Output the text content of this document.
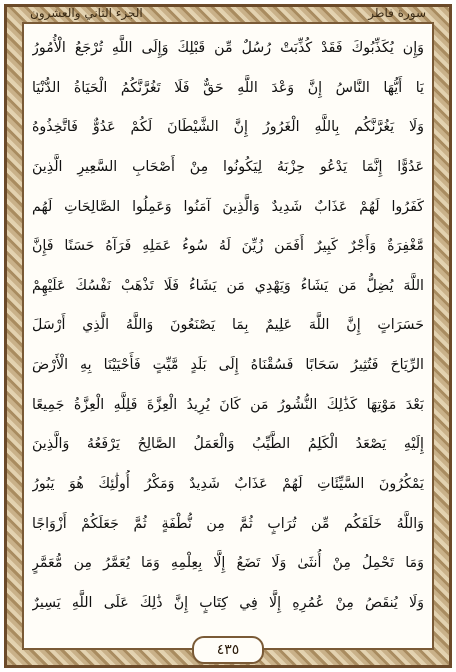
الجزء الثاني والعشرون	سورة فاطر
وَإِن يُكَذِّبُوكَ فَقَدْ كُذِّبَتْ رُسُلٌ مِّن قَبْلِكَ وَإِلَى اللَّهِ تُرْجَعُ الْأُمُورُ
يَا أَيُّهَا النَّاسُ إِنَّ وَعْدَ اللَّهِ حَقٌّ فَلَا تَغُرَّنَّكُمُ الْحَيَاةُ الدُّنْيَا
وَلَا يَغُرَّنَّكُم بِاللَّهِ الْغَرُورُ إِنَّ الشَّيْطَانَ لَكُمْ عَدُوٌّ فَاتَّخِذُوهُ
عَدُوًّا إِنَّمَا يَدْعُو حِزْبَهُ لِيَكُونُوا مِنْ أَصْحَابِ السَّعِيرِ الَّذِينَ
كَفَرُوا لَهُمْ عَذَابٌ شَدِيدٌ وَالَّذِينَ آمَنُوا وَعَمِلُوا الصَّالِحَاتِ لَهُم
مَّغْفِرَةٌ وَأَجْرٌ كَبِيرٌ أَفَمَن زُيِّنَ لَهُ سُوءُ عَمَلِهِ فَرَآهُ حَسَنًا فَإِنَّ
اللَّهَ يُضِلُّ مَن يَشَاءُ وَيَهْدِي مَن يَشَاءُ فَلَا تَذْهَبْ نَفْسُكَ عَلَيْهِمْ
حَسَرَاتٍ إِنَّ اللَّهَ عَلِيمٌ بِمَا يَصْنَعُونَ وَاللَّهُ الَّذِي أَرْسَلَ
الرِّيَاحَ فَتُثِيرُ سَحَابًا فَسُقْنَاهُ إِلَى بَلَدٍ مَّيِّتٍ فَأَحْيَيْنَا بِهِ الْأَرْضَ
بَعْدَ مَوْتِهَا كَذَٰلِكَ النُّشُورُ مَن كَانَ يُرِيدُ الْعِزَّةَ فَلِلَّهِ الْعِزَّةُ جَمِيعًا
إِلَيْهِ يَصْعَدُ الْكَلِمُ الطَّيِّبُ وَالْعَمَلُ الصَّالِحُ يَرْفَعُهُ وَالَّذِينَ
يَمْكُرُونَ السَّيِّئَاتِ لَهُمْ عَذَابٌ شَدِيدٌ وَمَكْرُ أُولَٰئِكَ هُوَ يَبُورُ
وَاللَّهُ خَلَقَكُم مِّن تُرَابٍ ثُمَّ مِن نُّطْفَةٍ ثُمَّ جَعَلَكُمْ أَزْوَاجًا
وَمَا تَحْمِلُ مِنْ أُنثَىٰ وَلَا تَضَعُ إِلَّا بِعِلْمِهِ وَمَا يُعَمَّرُ مِن مُّعَمَّرٍ
وَلَا يُنقَصُ مِنْ عُمُرِهِ إِلَّا فِي كِتَابٍ إِنَّ ذَٰلِكَ عَلَى اللَّهِ يَسِيرٌ
٤٣٥
